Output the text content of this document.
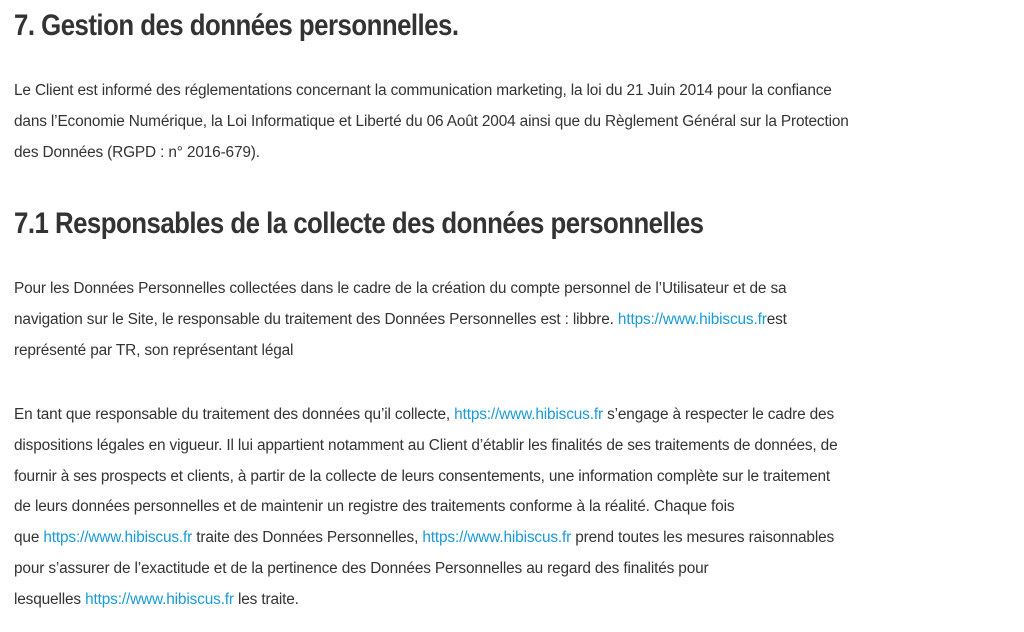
7. Gestion des données personnelles.

Le Client est informé des réglementations concernant la communication marketing, la loi du 21 Juin 2014 pour la confiance
dans l’Economie Numérique, la Loi Informatique et Liberté du 06 Août 2004 ainsi que du Règlement Général sur la Protection
des Données (RGPD : n° 2016-679).

7.1 Responsables de la collecte des données personnelles

Pour les Données Personnelles collectées dans le cadre de la création du compte personnel de l’Utilisateur et de sa
navigation sur le Site, le responsable du traitement des Données Personnelles est : libbre. https://www.hibiscus.frest
représenté par TR, son représentant légal

En tant que responsable du traitement des données qu’il collecte, https://www.hibiscus.fr s’engage à respecter le cadre des
dispositions légales en vigueur. Il lui appartient notamment au Client d’établir les finalités de ses traitements de données, de
fournir à ses prospects et clients, à partir de la collecte de leurs consentements, une information complète sur le traitement
de leurs données personnelles et de maintenir un registre des traitements conforme à la réalité. Chaque fois
que https://www.hibiscus.fr traite des Données Personnelles, https://www.hibiscus.fr prend toutes les mesures raisonnables
pour s’assurer de l’exactitude et de la pertinence des Données Personnelles au regard des finalités pour
lesquelles https://www.hibiscus.fr les traite.
